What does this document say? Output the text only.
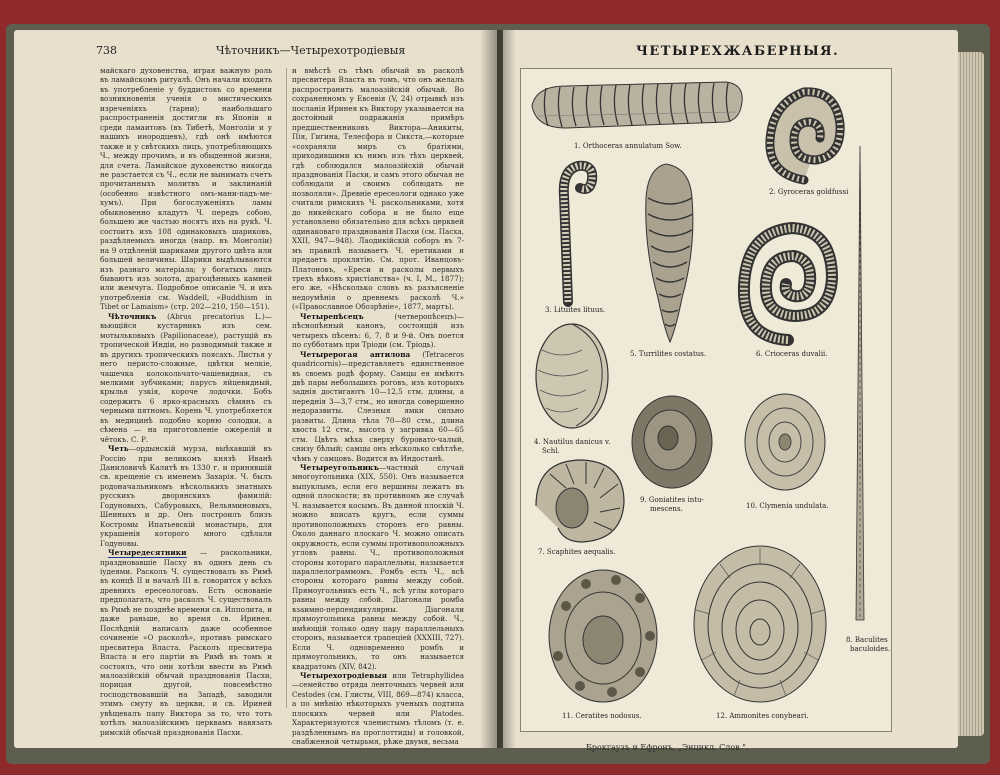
738	Чѣточникъ—Четырехотродіевыя

майскаго духовенства, играя важную роль въ ламайскомъ ритуалѣ. Онъ начали входить въ употребленіе у буддистовъ со времени возникновенія ученія о мистическихъ изреченіяхъ (тарни); наибольшаго распространенія достигли въ Японіи и среди ламаитовъ (въ Тибетѣ, Монголіи и у нашихъ инородцевъ), гдѣ онѣ имѣются также и у свѣтскихъ лицъ, употребляющихъ Ч., между прочимъ, и въ обыденной жизни, для счета. Ламайское духовенство никогда не разстается съ Ч., если не вынимать счетъ прочитанныхъ молитвъ и заклинаній (особенно извѣстного омъ-мани-падъ-ме-хумъ). При богослуженіяхъ ламы обыкновенно кладутъ Ч. передъ собою, большею же частью носятъ ихъ на рукѣ. Ч. состоитъ изъ 108 одинаковыхъ шариковъ, раздѣляемыхъ иногда (напр. въ Монголіи) на 9 отдѣленій шариками другого цвѣта или большей величины. Шарики выдѣлываются изъ разнаго матеріала; у богатыхъ лицъ бываютъ изъ золота, драгоцѣнныхъ камней или жемчуга. Подробное описаніе Ч. и ихъ употребленія см. Waddell, «Buddhism in Tibet or Lamaism» (стр. 202—210, 150—151).

Чѣточникъ (Abrus precatorius L.)—вьющійся кустарникъ изъ сем. мотыльковыхъ (Papilionaceae), растущій въ тропической Индіи, но разводимый также и въ другихъ тропическихъ поясахъ. Листья у него перисто-сложные, цвѣтки мелкіе, чашечка колокольчато-чашевидная, съ мелкими зубчиками; парусъ яйцевидный, крылья узкія, короче лодочки. Бобъ содержитъ 6 ярко-красныхъ сѣмянъ съ черными пятномъ. Корень Ч. употребляется въ медицинѣ подобно корню солодки, а сѣмена — на приготовленіе ожерелій и чётокъ. С. Р.

Четь—ордынскій мурза, выѣхавшій въ Россію при великомъ князѣ Иванѣ Даниловичѣ Калитѣ въ 1330 г. и принявшій св. крещеніе съ именемъ Захарія. Ч. былъ родоначальникомъ нѣсколькихъ знатныхъ русскихъ дворянскихъ фамилій: Годуновыхъ, Сабуровыхъ, Вельяминовыхъ, Шеиныхъ и др. Онъ построилъ близъ Костромы Ипатьевскій монастырь, для украшенія которого много сдѣлали Годуновы.

Четыредесятники — раскольники, праздновавшіе Пасху въ одинъ день съ іудеями. Расколъ Ч. существовалъ въ Римѣ въ концѣ II и началѣ III в. говорится у всѣхъ древнихъ ересеологовъ. Есть основаніе предполагать, что расколъ Ч. существовалъ въ Римѣ не позднѣе времени св. Ипполита, и даже раньше, во время св. Иринея. Послѣдній написалъ даже особенное сочиненіе «О расколѣ», противъ римскаго пресвитера Власта. Расколъ пресвитера Власта и его партіи въ Римѣ въ томъ и состоялъ, что они хотѣли ввести въ Римѣ малоазійскій обычай празднованія Пасхи, порицая другой, повсемѣстно господствовавшій на Западѣ, заводили этимъ смуту въ церкви, и св. Ириней увѣщевалъ папу Виктора за то, что тотъ хотѣлъ малоазійскимъ церквамъ навязать римскій обычай празднованія Пасхи.

и вмѣстѣ съ тѣмъ обычай въ расколѣ пресвитера Власта въ томъ, что онъ желалъ распространить малоазійскій обычай. Во сохраненномъ у Евсевія (V, 24) отрывкѣ изъ посланія Иринея къ Виктору указывается на достойный подражанія примѣръ предшественниковъ Виктора—Аникиты, Пія, Гигина, Телесфора и Сикста,—которые «сохраняли миръ съ братіями, приходившими къ нимъ изъ тѣхъ церквей, гдѣ соблюдался малоазійскій обычай празднованія Пасхи, и самъ этого обычая не соблюдали и своимъ соблюдать не позволяли». Древніе ересеологи однако уже считали римскихъ Ч. раскольниками, хотя до никейскаго собора и не было еще установлено обязательно для всѣхъ церквей одинаковаго празднованія Пасхи (см. Пасха, XXII, 947—948). Лаодикійскій соборъ въ 7-мъ правилѣ называетъ Ч. еретиками и предаетъ проклятію. См. прот. Иванцовъ-Платоновъ, «Ереси и расколы первыхъ трехъ вѣковъ христіанства» (ч. I, М., 1877); его же, «Нѣсколько словъ въ разъясненіе недоумѣнія о древнемъ расколѣ Ч.» («Православное Обозрѣніе», 1877, мартъ).

Четырепѣсецъ (четверопѣсецъ)—пѣснопѣнный канонъ, состоящій изъ четырехъ пѣсенъ: 6, 7, 8 и 9-й. Онъ поется по субботамъ при Тріоди (см. Тріодь).

Четырерогая антилопа (Tetraceros quadricornis)—представляетъ единственное въ своемъ родѣ форму. Самцы ея имѣютъ двѣ пары небольшихъ роговъ, изъ которыхъ заднія достигаютъ 10—12,5 стм. длины, а переднія 3—3,7 стм., но иногда совершенно недоразвиты. Слезныя ямки сильно развиты. Длина тѣла 70—80 стм., длина хвоста 12 стм., высота у загривка 60—65 стм. Цвѣтъ мѣха сверху буровато-чалый, снизу бѣлый; самцы онъ нѣсколько свѣтлѣе, чѣмъ у самцовъ. Водится въ Индостанѣ.

Четыреугольникъ—частный случай многоугольника (XIX, 550). Онъ называется выпуклымъ, если его вершины лежатъ въ одной плоскости; въ противномъ же случаѣ Ч. называется косымъ. Въ данной плоскій Ч. можно вписать кругъ, если суммы противоположныхъ сторонъ его равны. Около даннаго плоскаго Ч. можно описать окружность, если суммы противоположныхъ угловъ равны. Ч., противоположныя стороны котораго параллельны, называется параллелограммомъ. Ромбъ есть Ч., всѣ стороны котораго равны между собой. Прямоугольникъ есть Ч., всѣ углы котораго равны между собой. Діагонали ромба взаимно-перпендикулярны. Діагонали прямоугольника равны между собой. Ч., имѣющій только одну пару параллельныхъ сторонъ, называется трапеціей (XXXIII, 727). Если Ч. одновременно ромбъ и прямоугольникъ, то онъ называется квадратомъ (XIV, 842).

Четырехотродіевыя или Tetraphyllidea—семейство отряда ленточныхъ червей или Cestodes (см. Глисты, VIII, 869—874) класса, а по мнѣнію нѣкоторыхъ ученыхъ подтипа плоскихъ червей или Platodes. Характеризуются члениcтымъ тѣломъ (т. е. раздѣленнымъ на проглоттиды) и головкой, снабженной четырьмя, рѣже двумя, весьма

ЧЕТЫРЕХЖАБЕРНЫЯ.
1. Orthoceras annulatum Sow.
2. Gyroceras goldfussi
3. Lituites lituus.
5. Turrilites costatus.	6. Crioceras duvalii.
4. Nautilus danicus v.
Schl.
9. Goniatites intu-
mescens.	10. Clymenia undulata.
7. Scaphites aequalis.
8. Baculites
baculoides.
11. Ceratites nodosus.	12. Ammonites conybeari.
Брокгаузъ и Ефронъ, „Энцикл. Слов.".
